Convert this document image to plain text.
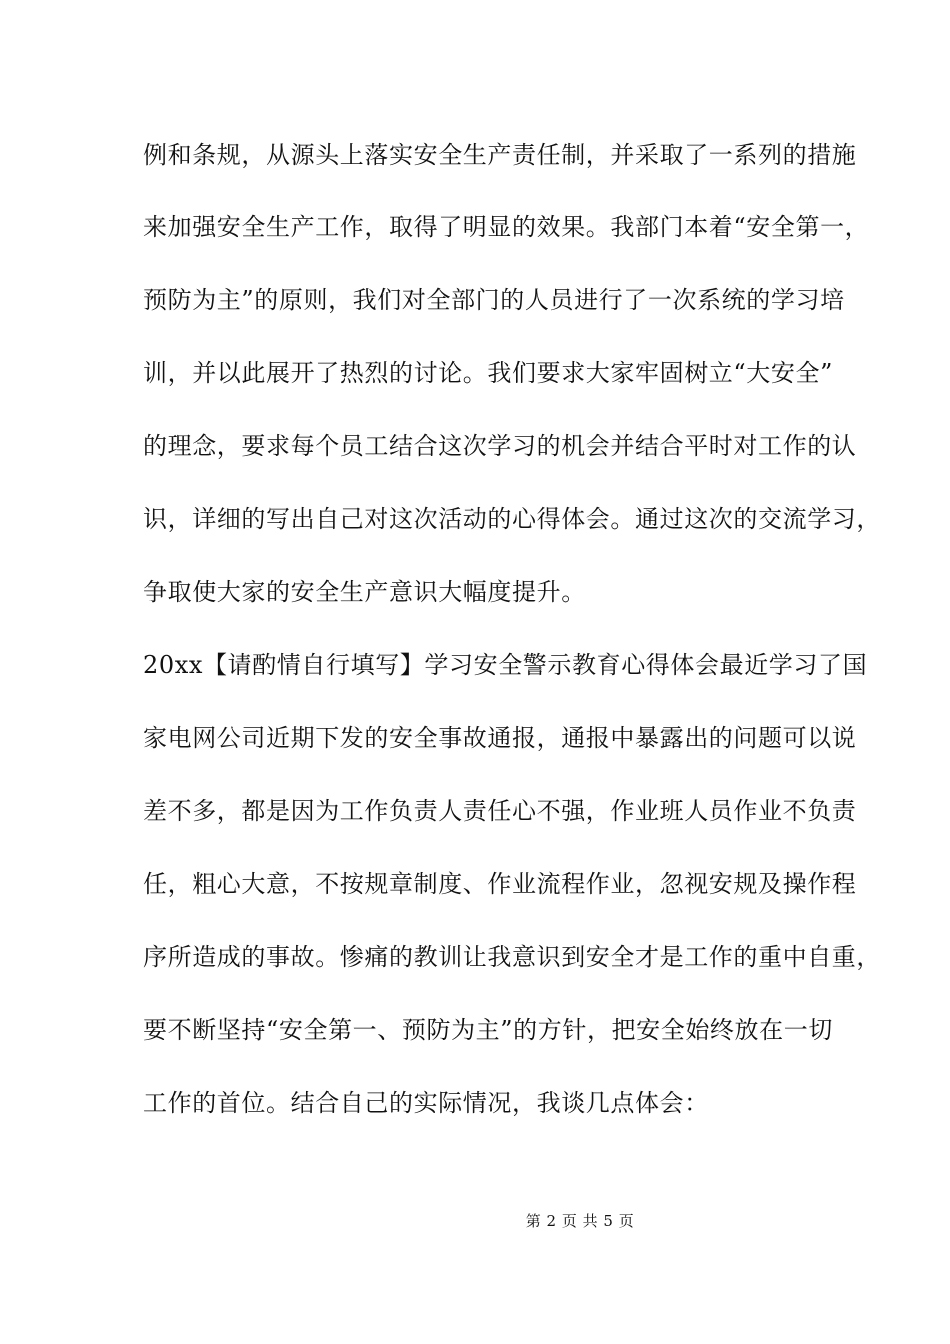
例和条规，从源头上落实安全生产责任制，并采取了一系列的措施
来加强安全生产工作，取得了明显的效果。我部门本着“安全第一，
预防为主”的原则，我们对全部门的人员进行了一次系统的学习培
训，并以此展开了热烈的讨论。我们要求大家牢固树立“大安全”
的理念，要求每个员工结合这次学习的机会并结合平时对工作的认
识，详细的写出自己对这次活动的心得体会。通过这次的交流学习，
争取使大家的安全生产意识大幅度提升。
20xx【请酌情自行填写】学习安全警示教育心得体会最近学习了国
家电网公司近期下发的安全事故通报，通报中暴露出的问题可以说
差不多，都是因为工作负责人责任心不强，作业班人员作业不负责
任，粗心大意，不按规章制度、作业流程作业，忽视安规及操作程
序所造成的事故。惨痛的教训让我意识到安全才是工作的重中自重，
要不断坚持“安全第一、预防为主”的方针，把安全始终放在一切
工作的首位。结合自己的实际情况，我谈几点体会：
第 2 页 共 5 页
